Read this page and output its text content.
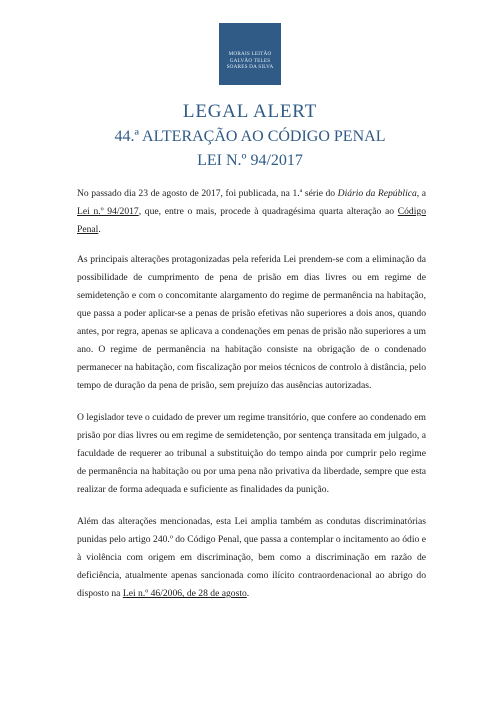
MORAIS LEITÃO
GALVÃO TELES
SOARES DA SILVA
LEGAL ALERT
44.ª ALTERAÇÃO AO CÓDIGO PENAL
LEI N.º 94/2017

No passado dia 23 de agosto de 2017, foi publicada, na 1.ª série do Diário da República, a Lei n.º 94/2017, que, entre o mais, procede à quadragésima quarta alteração ao Código Penal.

As principais alterações protagonizadas pela referida Lei prendem-se com a eliminação da possibilidade de cumprimento de pena de prisão em dias livres ou em regime de semidetenção e com o concomitante alargamento do regime de permanência na habitação, que passa a poder aplicar-se a penas de prisão efetivas não superiores a dois anos, quando antes, por regra, apenas se aplicava a condenações em penas de prisão não superiores a um ano. O regime de permanência na habitação consiste na obrigação de o condenado permanecer na habitação, com fiscalização por meios técnicos de controlo à distância, pelo tempo de duração da pena de prisão, sem prejuízo das ausências autorizadas.

O legislador teve o cuidado de prever um regime transitório, que confere ao condenado em prisão por dias livres ou em regime de semidetenção, por sentença transitada em julgado, a faculdade de requerer ao tribunal a substituição do tempo ainda por cumprir pelo regime de permanência na habitação ou por uma pena não privativa da liberdade, sempre que esta realizar de forma adequada e suficiente as finalidades da punição.

Além das alterações mencionadas, esta Lei amplia também as condutas discriminatórias punidas pelo artigo 240.º do Código Penal, que passa a contemplar o incitamento ao ódio e à violência com origem em discriminação, bem como a discriminação em razão de deficiência, atualmente apenas sancionada como ilícito contraordenacional ao abrigo do disposto na Lei n.º 46/2006, de 28 de agosto.
